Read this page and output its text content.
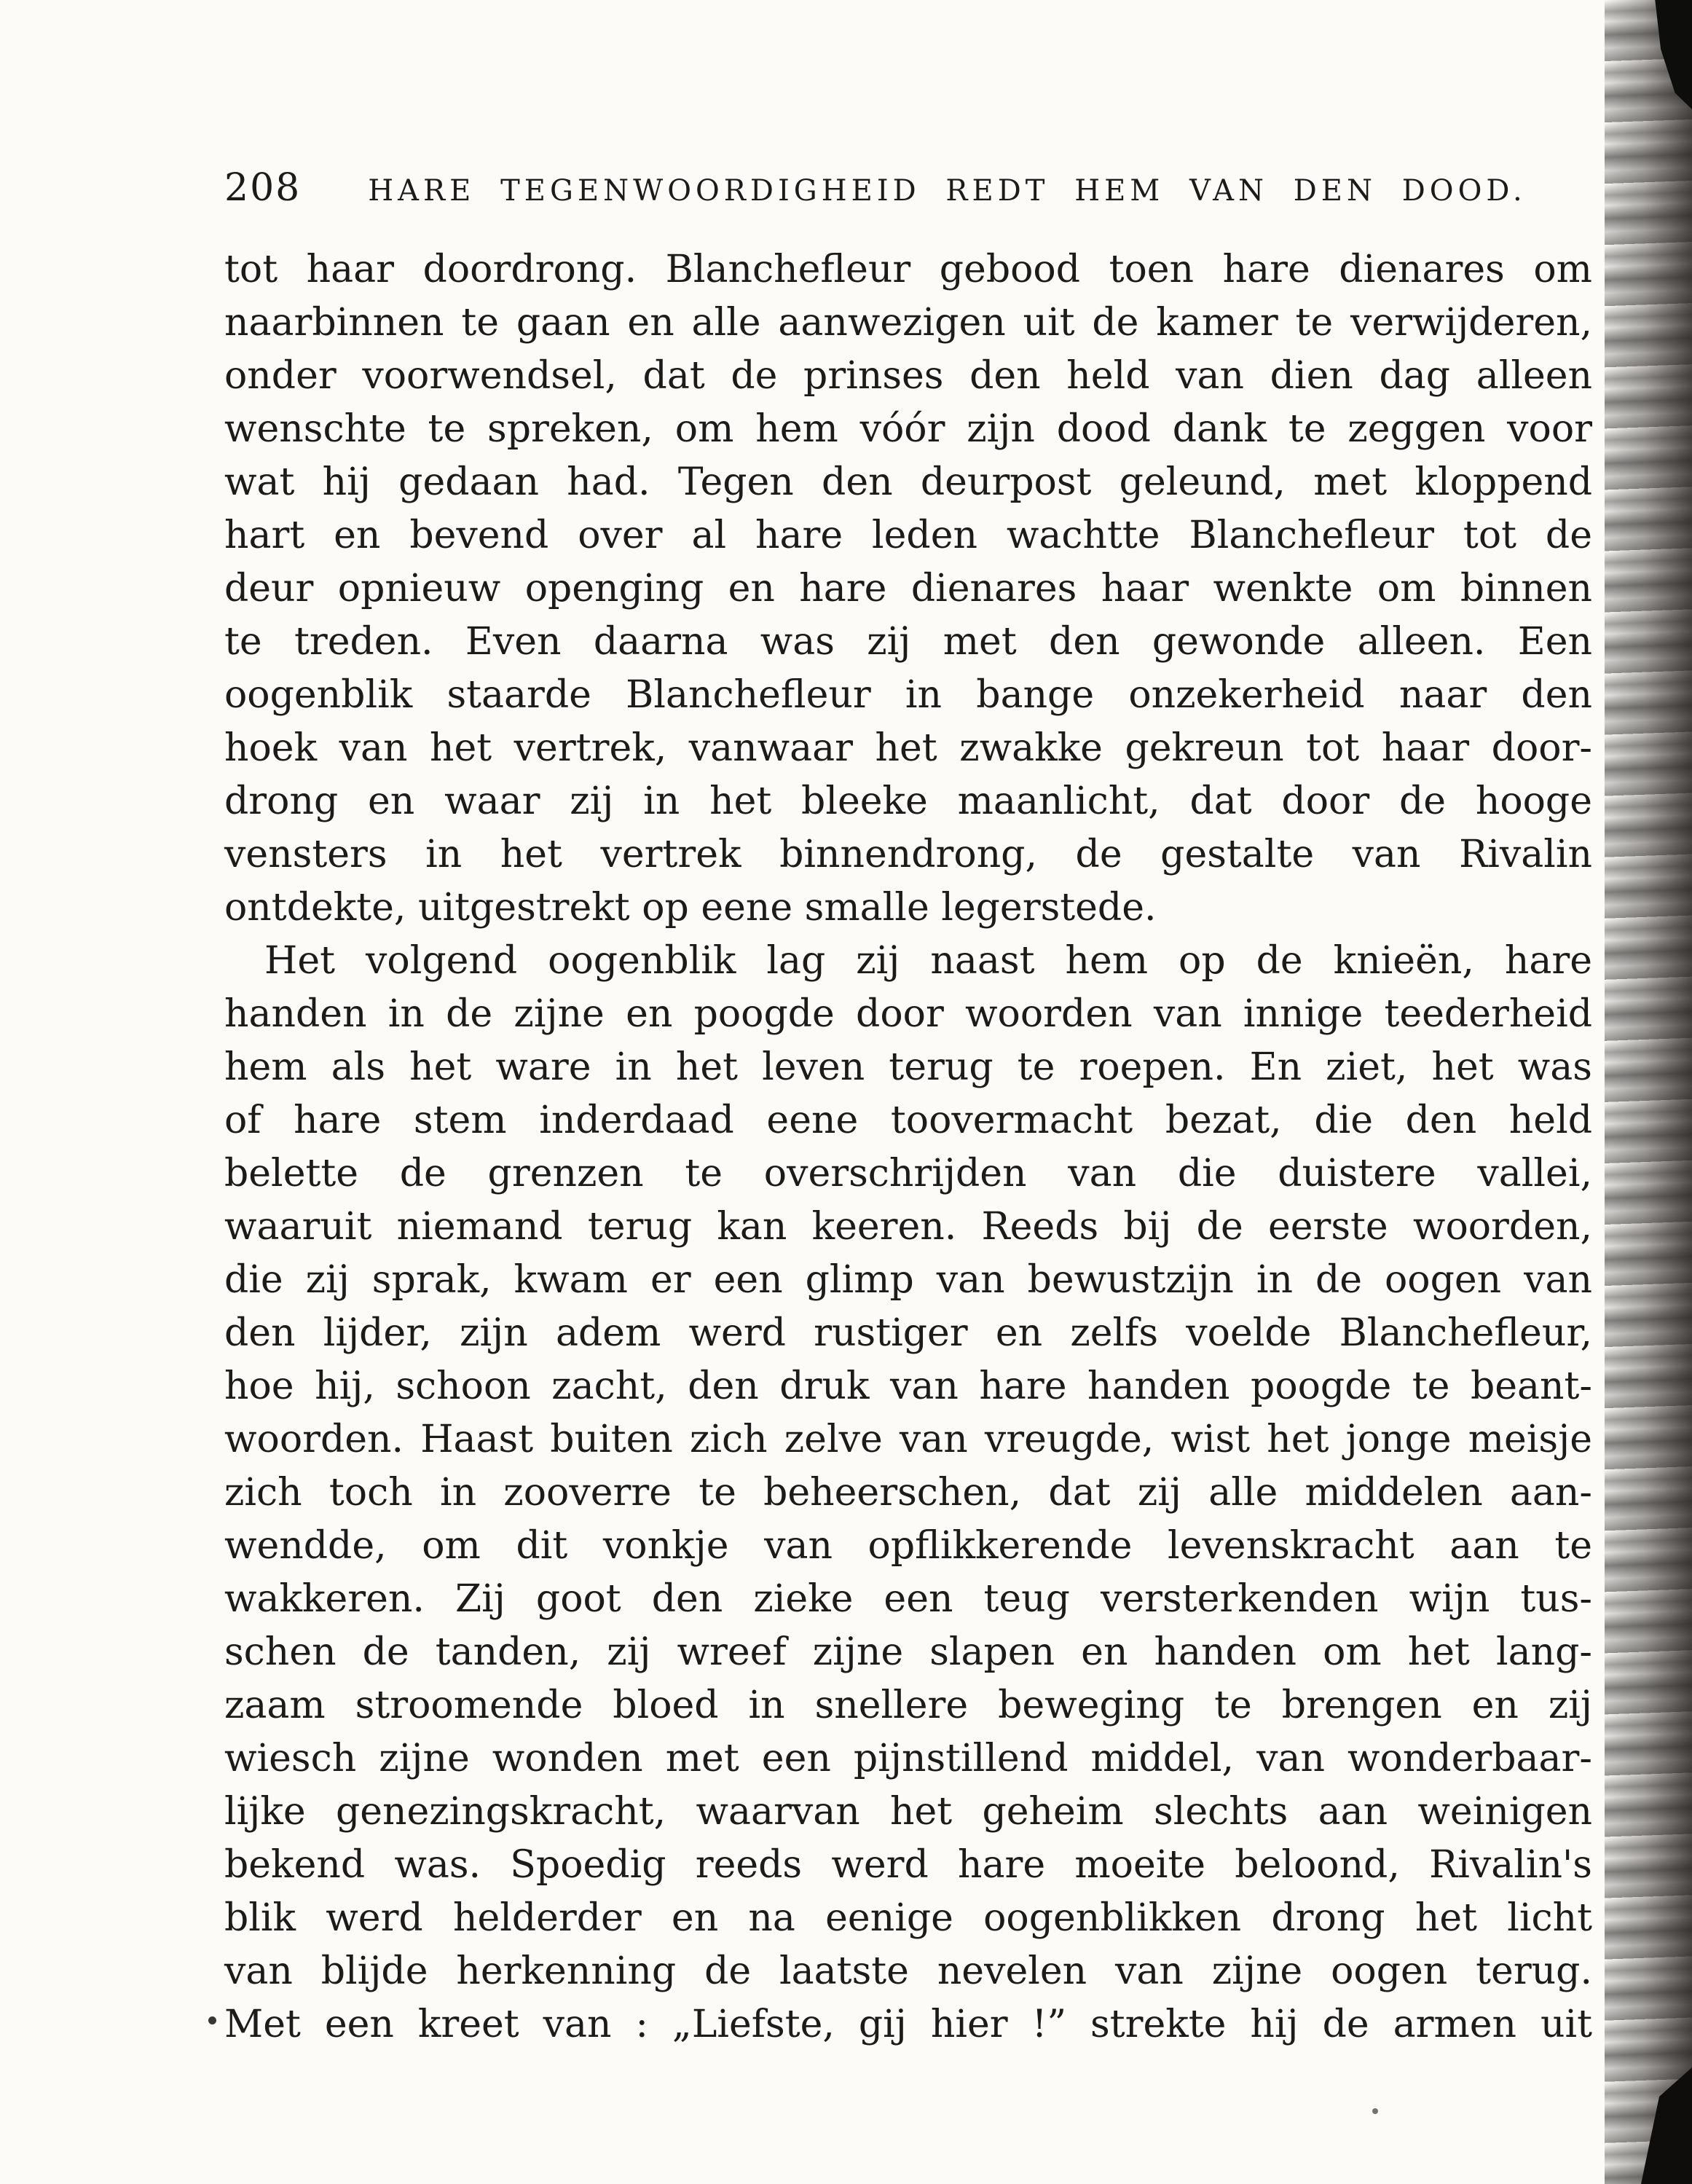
208 HARE TEGENWOORDIGHEID REDT HEM VAN DEN DOOD.
tot haar doordrong. Blanchefleur gebood toen hare dienares om
naarbinnen te gaan en alle aanwezigen uit de kamer te verwijderen,
onder voorwendsel, dat de prinses den held van dien dag alleen
wenschte te spreken, om hem vóór zijn dood dank te zeggen voor
wat hij gedaan had. Tegen den deurpost geleund, met kloppend
hart en bevend over al hare leden wachtte Blanchefleur tot de
deur opnieuw openging en hare dienares haar wenkte om binnen
te treden. Even daarna was zij met den gewonde alleen. Een
oogenblik staarde Blanchefleur in bange onzekerheid naar den
hoek van het vertrek, vanwaar het zwakke gekreun tot haar door-
drong en waar zij in het bleeke maanlicht, dat door de hooge
vensters in het vertrek binnendrong, de gestalte van Rivalin
ontdekte, uitgestrekt op eene smalle legerstede.
Het volgend oogenblik lag zij naast hem op de knieën, hare
handen in de zijne en poogde door woorden van innige teederheid
hem als het ware in het leven terug te roepen. En ziet, het was
of hare stem inderdaad eene toovermacht bezat, die den held
belette de grenzen te overschrijden van die duistere vallei,
waaruit niemand terug kan keeren. Reeds bij de eerste woorden,
die zij sprak, kwam er een glimp van bewustzijn in de oogen van
den lijder, zijn adem werd rustiger en zelfs voelde Blanchefleur,
hoe hij, schoon zacht, den druk van hare handen poogde te beant-
woorden. Haast buiten zich zelve van vreugde, wist het jonge meisje
zich toch in zooverre te beheerschen, dat zij alle middelen aan-
wendde, om dit vonkje van opflikkerende levenskracht aan te
wakkeren. Zij goot den zieke een teug versterkenden wijn tus-
schen de tanden, zij wreef zijne slapen en handen om het lang-
zaam stroomende bloed in snellere beweging te brengen en zij
wiesch zijne wonden met een pijnstillend middel, van wonderbaar-
lijke genezingskracht, waarvan het geheim slechts aan weinigen
bekend was. Spoedig reeds werd hare moeite beloond, Rivalin's
blik werd helderder en na eenige oogenblikken drong het licht
van blijde herkenning de laatste nevelen van zijne oogen terug.
Met een kreet van : „Liefste, gij hier !” strekte hij de armen uit
